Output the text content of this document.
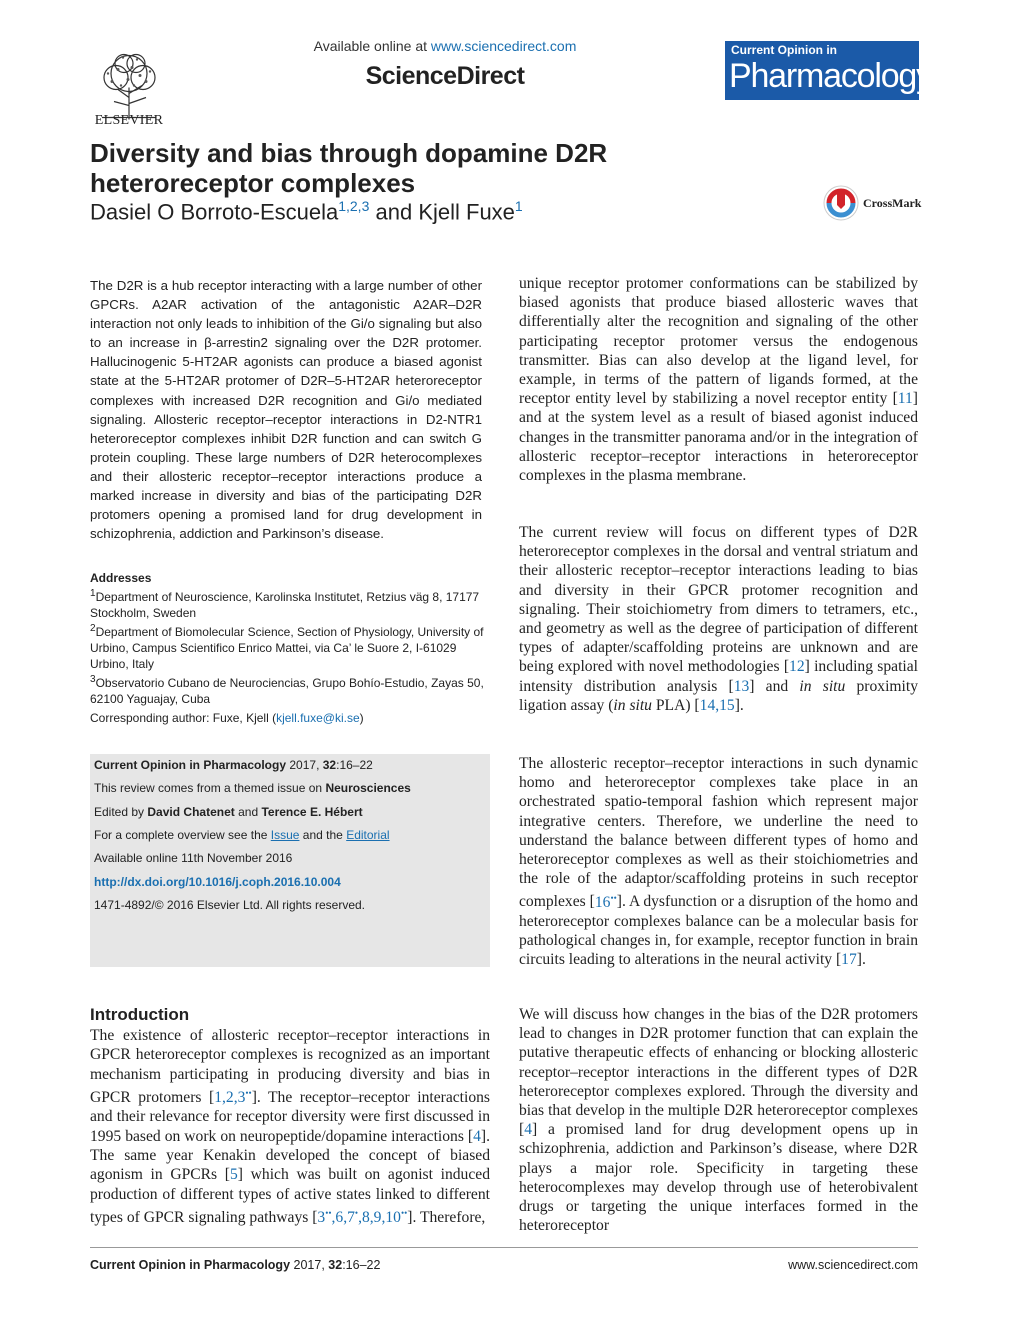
ELSEVIER
Available online at www.sciencedirect.com
ScienceDirect
Current Opinion in
Pharmacology
Diversity and bias through dopamine D2R
heteroreceptor complexes
Dasiel O Borroto-Escuela$^{1,2,3}$ and Kjell Fuxe$^1$	CrossMark
The D2R is a hub receptor interacting with a large number of other GPCRs. A2AR activation of the antagonistic A2AR–D2R interaction not only leads to inhibition of the Gi/o signaling but also to an increase in β-arrestin2 signaling over the D2R protomer. Hallucinogenic 5-HT2AR agonists can produce a biased agonist state at the 5-HT2AR protomer of D2R–5-HT2AR heteroreceptor complexes with increased D2R recognition and Gi/o mediated signaling. Allosteric receptor–receptor interactions in D2-NTR1 heteroreceptor complexes inhibit D2R function and can switch G protein coupling. These large numbers of D2R heterocomplexes and their allosteric receptor–receptor interactions produce a marked increase in diversity and bias of the participating D2R protomers opening a promised land for drug development in schizophrenia, addiction and Parkinson’s disease.
Addresses
$^1$Department of Neuroscience, Karolinska Institutet, Retzius väg 8, 17177 Stockholm, Sweden
$^2$Department of Biomolecular Science, Section of Physiology, University of Urbino, Campus Scientifico Enrico Mattei, via Ca’ le Suore 2, I-61029 Urbino, Italy
$^3$Observatorio Cubano de Neurociencias, Grupo Bohío-Estudio, Zayas 50, 62100 Yaguajay, Cuba
Corresponding author: Fuxe, Kjell (kjell.fuxe@ki.se)
Current Opinion in Pharmacology 2017, 32:16–22
This review comes from a themed issue on Neurosciences
Edited by David Chatenet and Terence E. Hébert
For a complete overview see the Issue and the Editorial
Available online 11th November 2016
http://dx.doi.org/10.1016/j.coph.2016.10.004
1471-4892/© 2016 Elsevier Ltd. All rights reserved.
Introduction
The existence of allosteric receptor–receptor interactions in GPCR heteroreceptor complexes is recognized as an important mechanism participating in producing diversity and bias in GPCR protomers [1,2,3••]. The receptor–receptor interactions and their relevance for receptor diversity were first discussed in 1995 based on work on neuropeptide/dopamine interactions [4]. The same year Kenakin developed the concept of biased agonism in GPCRs [5] which was built on agonist induced production of different types of active states linked to different types of GPCR signaling pathways [3••,6,7•,8,9,10••]. Therefore,
unique receptor protomer conformations can be stabilized by biased agonists that produce biased allosteric waves that differentially alter the recognition and signaling of the other participating receptor protomer versus the endogenous transmitter. Bias can also develop at the ligand level, for example, in terms of the pattern of ligands formed, at the receptor entity level by stabilizing a novel receptor entity [11] and at the system level as a result of biased agonist induced changes in the transmitter panorama and/or in the integration of allosteric receptor–receptor interactions in heteroreceptor complexes in the plasma membrane.
The current review will focus on different types of D2R heteroreceptor complexes in the dorsal and ventral striatum and their allosteric receptor–receptor interactions leading to bias and diversity in their GPCR protomer recognition and signaling. Their stoichiometry from dimers to tetramers, etc., and geometry as well as the degree of participation of different types of adapter/scaffolding proteins are unknown and are being explored with novel methodologies [12] including spatial intensity distribution analysis [13] and in situ proximity ligation assay (in situ PLA) [14,15].
The allosteric receptor–receptor interactions in such dynamic homo and heteroreceptor complexes take place in an orchestrated spatio-temporal fashion which represent major integrative centers. Therefore, we underline the need to understand the balance between different types of homo and heteroreceptor complexes as well as their stoichiometries and the role of the adaptor/scaffolding proteins in such receptor complexes [16••]. A dysfunction or a disruption of the homo and heteroreceptor complexes balance can be a molecular basis for pathological changes in, for example, receptor function in brain circuits leading to alterations in the neural activity [17].
We will discuss how changes in the bias of the D2R protomers lead to changes in D2R protomer function that can explain the putative therapeutic effects of enhancing or blocking allosteric receptor–receptor interactions in the different types of D2R heteroreceptor complexes explored. Through the diversity and bias that develop in the multiple D2R heteroreceptor complexes [4] a promised land for drug development opens up in schizophrenia, addiction and Parkinson’s disease, where D2R plays a major role. Specificity in targeting these heterocomplexes may develop through use of heterobivalent drugs or targeting the unique interfaces formed in the heteroreceptor
Current Opinion in Pharmacology 2017, 32:16–22	www.sciencedirect.com
